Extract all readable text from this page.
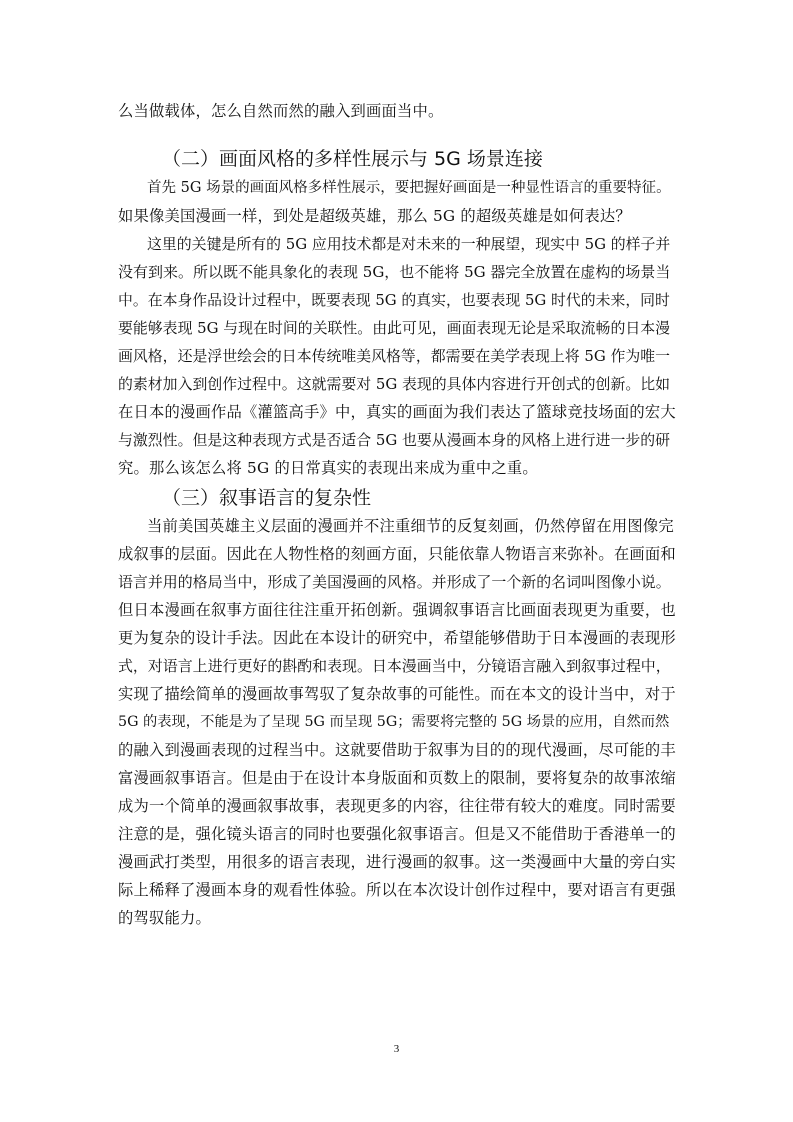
么当做载体，怎么自然而然的融入到画面当中。
（二）画面风格的多样性展示与 5G 场景连接
首先 5G 场景的画面风格多样性展示，要把握好画面是一种显性语言的重要特征。
如果像美国漫画一样，到处是超级英雄，那么 5G 的超级英雄是如何表达？
这里的关键是所有的 5G 应用技术都是对未来的一种展望，现实中 5G 的样子并
没有到来。所以既不能具象化的表现 5G，也不能将 5G 器完全放置在虚构的场景当
中。在本身作品设计过程中，既要表现 5G 的真实，也要表现 5G 时代的未来，同时
要能够表现 5G 与现在时间的关联性。由此可见，画面表现无论是采取流畅的日本漫
画风格，还是浮世绘会的日本传统唯美风格等，都需要在美学表现上将 5G 作为唯一
的素材加入到创作过程中。这就需要对 5G 表现的具体内容进行开创式的创新。比如
在日本的漫画作品《灌篮高手》中，真实的画面为我们表达了篮球竞技场面的宏大
与激烈性。但是这种表现方式是否适合 5G 也要从漫画本身的风格上进行进一步的研
究。那么该怎么将 5G 的日常真实的表现出来成为重中之重。
（三）叙事语言的复杂性
当前美国英雄主义层面的漫画并不注重细节的反复刻画，仍然停留在用图像完
成叙事的层面。因此在人物性格的刻画方面，只能依靠人物语言来弥补。在画面和
语言并用的格局当中，形成了美国漫画的风格。并形成了一个新的名词叫图像小说。
但日本漫画在叙事方面往往注重开拓创新。强调叙事语言比画面表现更为重要，也
更为复杂的设计手法。因此在本设计的研究中，希望能够借助于日本漫画的表现形
式，对语言上进行更好的斟酌和表现。日本漫画当中，分镜语言融入到叙事过程中，
实现了描绘简单的漫画故事驾驭了复杂故事的可能性。而在本文的设计当中，对于
5G 的表现，不能是为了呈现 5G 而呈现 5G；需要将完整的 5G 场景的应用，自然而然
的融入到漫画表现的过程当中。这就要借助于叙事为目的的现代漫画，尽可能的丰
富漫画叙事语言。但是由于在设计本身版面和页数上的限制，要将复杂的故事浓缩
成为一个简单的漫画叙事故事，表现更多的内容，往往带有较大的难度。同时需要
注意的是，强化镜头语言的同时也要强化叙事语言。但是又不能借助于香港单一的
漫画武打类型，用很多的语言表现，进行漫画的叙事。这一类漫画中大量的旁白实
际上稀释了漫画本身的观看性体验。所以在本次设计创作过程中，要对语言有更强
的驾驭能力。
3
